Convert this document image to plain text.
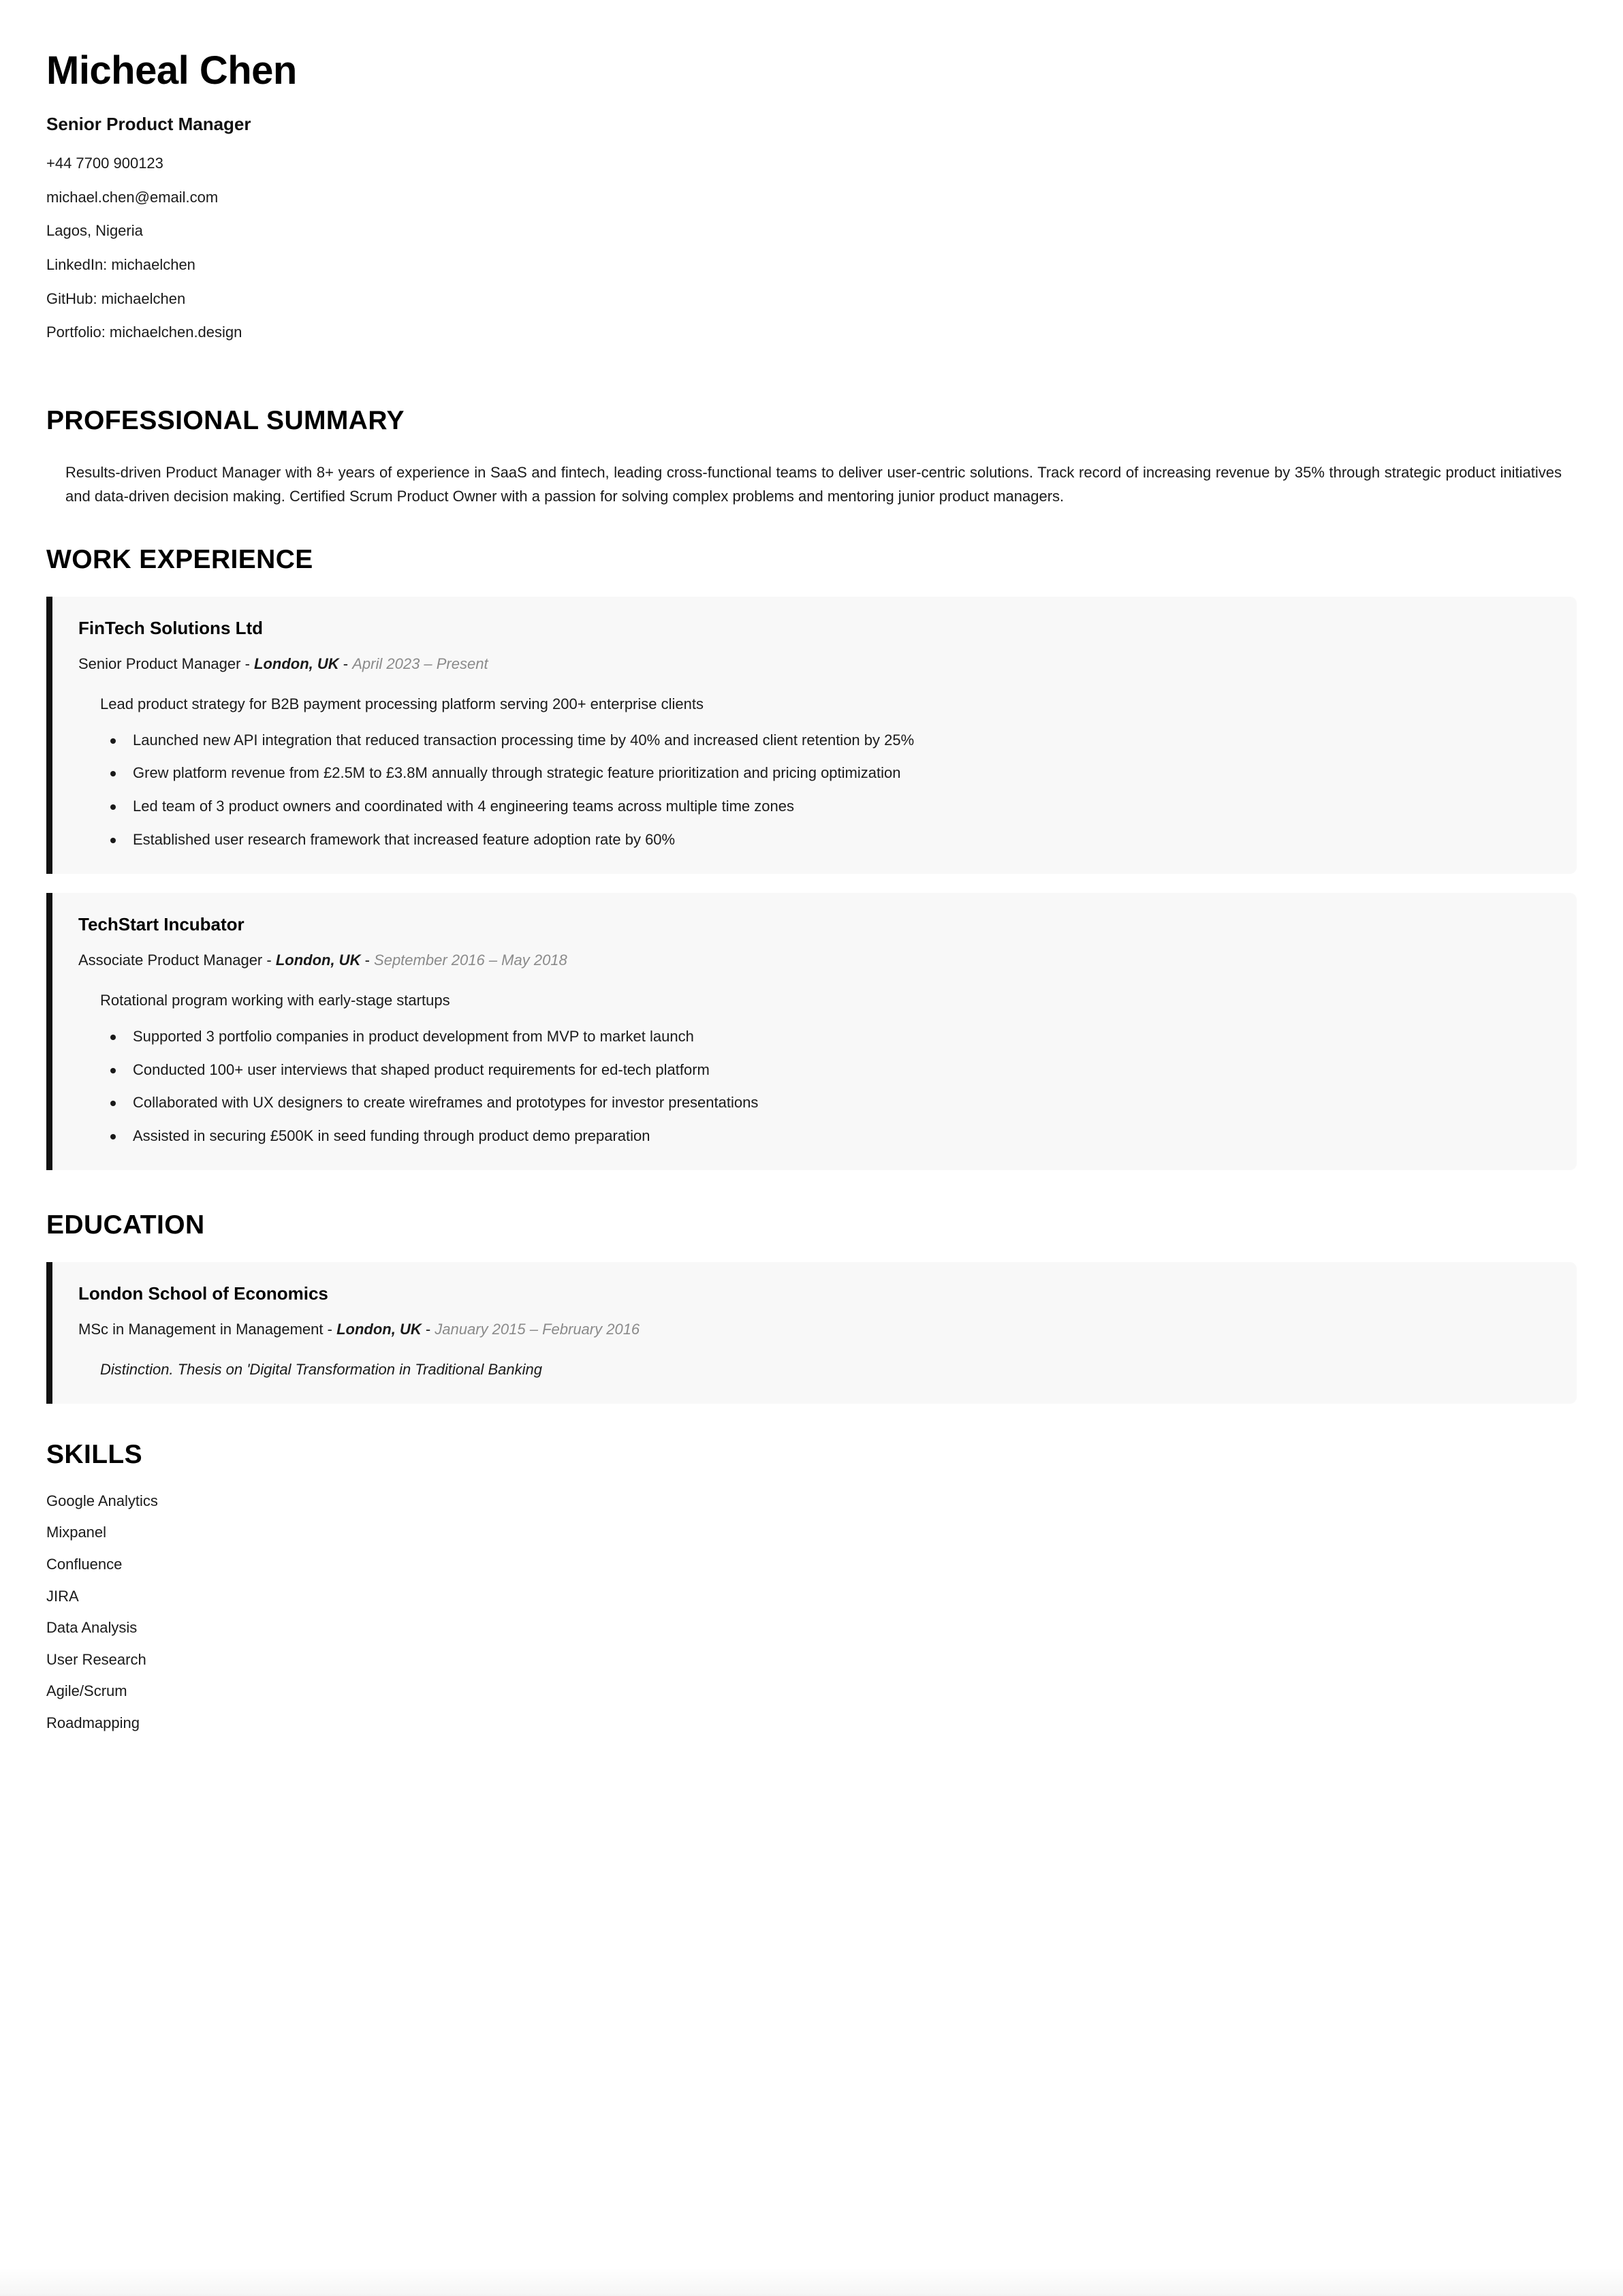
Micheal Chen
Senior Product Manager
+44 7700 900123
michael.chen@email.com
Lagos, Nigeria
LinkedIn: michaelchen
GitHub: michaelchen
Portfolio: michaelchen.design
PROFESSIONAL SUMMARY

Results-driven Product Manager with 8+ years of experience in SaaS and fintech, leading cross-functional teams to deliver user-centric solutions. Track record of increasing revenue by 35% through strategic product initiatives and data-driven decision making. Certified Scrum Product Owner with a passion for solving complex problems and mentoring junior product managers.

WORK EXPERIENCE
FinTech Solutions Ltd
Senior Product Manager - London, UK - April 2023 – Present
Lead product strategy for B2B payment processing platform serving 200+ enterprise clients
Launched new API integration that reduced transaction processing time by 40% and increased client retention by 25%
Grew platform revenue from £2.5M to £3.8M annually through strategic feature prioritization and pricing optimization
Led team of 3 product owners and coordinated with 4 engineering teams across multiple time zones
Established user research framework that increased feature adoption rate by 60%
TechStart Incubator
Associate Product Manager - London, UK - September 2016 – May 2018
Rotational program working with early-stage startups
Supported 3 portfolio companies in product development from MVP to market launch
Conducted 100+ user interviews that shaped product requirements for ed-tech platform
Collaborated with UX designers to create wireframes and prototypes for investor presentations
Assisted in securing £500K in seed funding through product demo preparation
EDUCATION
London School of Economics
MSc in Management in Management - London, UK - January 2015 – February 2016
Distinction. Thesis on 'Digital Transformation in Traditional Banking
SKILLS
Google Analytics
Mixpanel
Confluence
JIRA
Data Analysis
User Research
Agile/Scrum
Roadmapping
